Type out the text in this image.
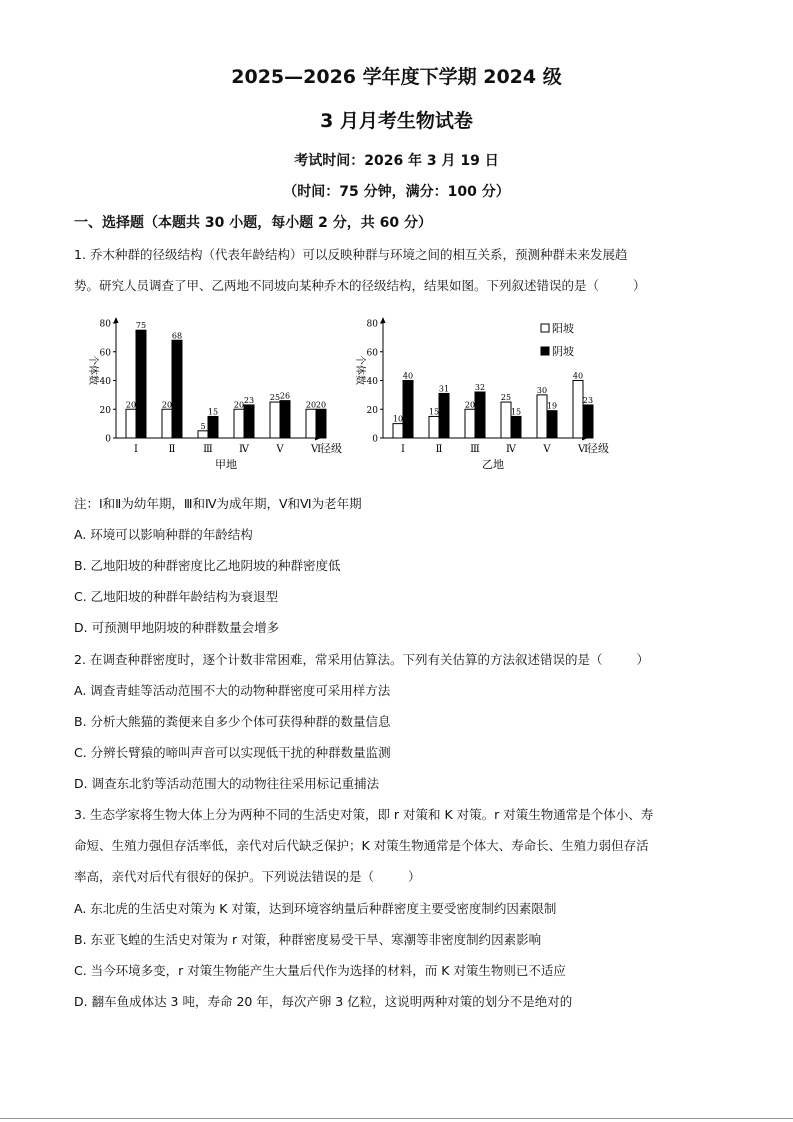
2025—2026 学年度下学期 2024 级
3 月月考生物试卷
考试时间：2026 年 3 月 19 日
（时间：75 分钟，满分：100 分）
一、选择题（本题共 30 小题，每小题 2 分，共 60 分）
1. 乔木种群的径级结构（代表年龄结构）可以反映种群与环境之间的相互关系，预测种群未来发展趋
势。研究人员调查了甲、乙两地不同坡向某种乔木的径级结构，结果如图。下列叙述错误的是（	）
0
20
40
60
80
个体数
20
75
Ⅰ
20
68
Ⅱ
5
15
Ⅲ
20 23
Ⅳ
25 26
Ⅴ
20 20
Ⅵ
径级
甲地
0
20
40
60
80
个体数
10
40
Ⅰ
15
31
Ⅱ
20
32
Ⅲ
25
15
Ⅳ
30
19
Ⅴ
40
23
Ⅵ
径级
乙地
阳坡
阴坡
注：Ⅰ和Ⅱ为幼年期，Ⅲ和Ⅳ为成年期，Ⅴ和Ⅵ为老年期
A. 环境可以影响种群的年龄结构
B. 乙地阳坡的种群密度比乙地阴坡的种群密度低
C. 乙地阳坡的种群年龄结构为衰退型
D. 可预测甲地阴坡的种群数量会增多
2. 在调查种群密度时，逐个计数非常困难，常采用估算法。下列有关估算的方法叙述错误的是（	）
A. 调查青蛙等活动范围不大的动物种群密度可采用样方法
B. 分析大熊猫的粪便来自多少个体可获得种群的数量信息
C. 分辨长臂猿的啼叫声音可以实现低干扰的种群数量监测
D. 调查东北豹等活动范围大的动物往往采用标记重捕法
3. 生态学家将生物大体上分为两种不同的生活史对策，即 r 对策和 K 对策。r 对策生物通常是个体小、寿
命短、生殖力强但存活率低，亲代对后代缺乏保护；K 对策生物通常是个体大、寿命长、生殖力弱但存活
率高，亲代对后代有很好的保护。下列说法错误的是（	）
A. 东北虎的生活史对策为 K 对策，达到环境容纳量后种群密度主要受密度制约因素限制
B. 东亚飞蝗的生活史对策为 r 对策，种群密度易受干旱、寒潮等非密度制约因素影响
C. 当今环境多变，r 对策生物能产生大量后代作为选择的材料，而 K 对策生物则已不适应
D. 翻车鱼成体达 3 吨，寿命 20 年，每次产卵 3 亿粒，这说明两种对策的划分不是绝对的
